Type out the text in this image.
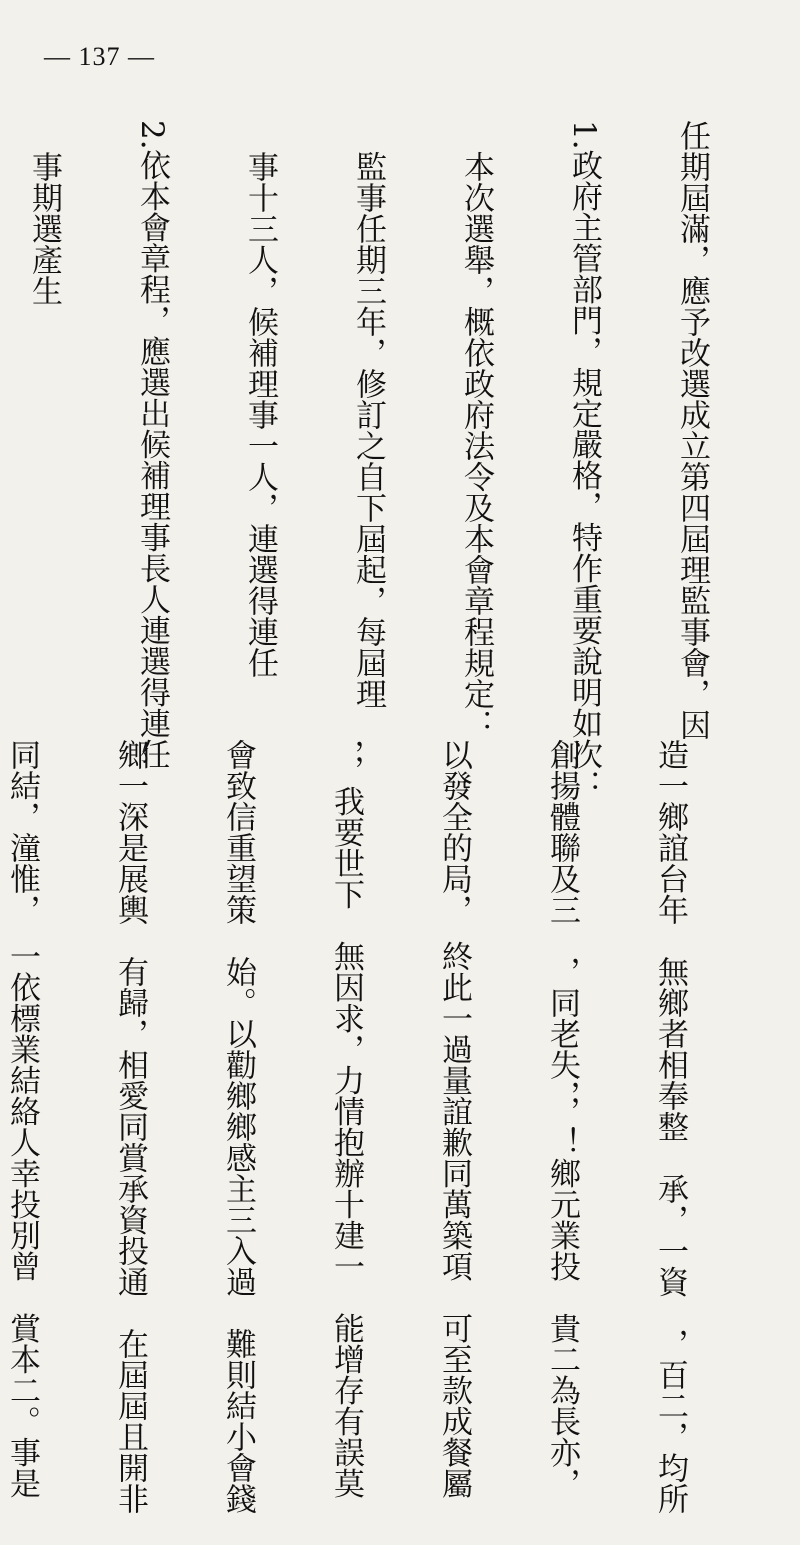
— 137 —

任期屆滿，應予改選成立第四屆理監事會，因

1.政府主管部門，規定嚴格，特作重要說明如次：

　本次選舉，概依政府法令及本會章程規定：

　監事任期三年，修訂之自下屆起，每屆理

　事十三人，候補理事一人，連選得連任

2.依本會章程，應選出候補理事長人連選得連任

　事期選產生　　　　　　　　

　造一鄉誼台年　無鄉者相奉整　承，一資　，百二，均所

　創揚體聯及三　，同老失，，！鄉元業投　貴二為長亦，

　以發全的局，　終此一過量誼歉同萬築項　可至款成餐屬

　，，我要世下　無因求，力情抱辦十建一　能增存有誤莫

　會致信重望策　始。以勸鄉鄉感主三入過　難則結小會錢

　鄉一深是展輿　有歸，相愛同賞承資投通　在屆屆且開非

　同結，潼惟，　一依標業結絡人幸投別曾　賞本二。事是
